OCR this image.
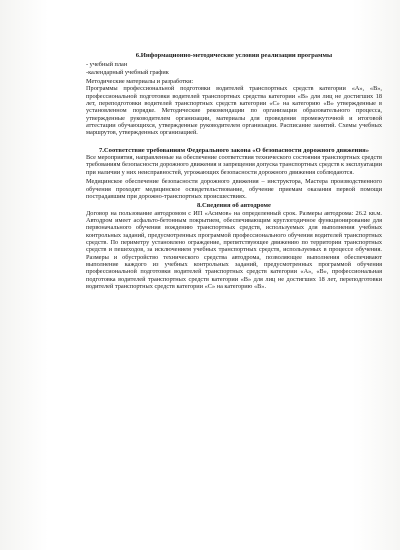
6.Информационно-методические условия реализации программы

- учебный план

-календарный учебный график

Методические материалы и разработки:

Программы профессиональной подготовки водителей транспортных средств категории «А», «В», профессиональной подготовки водителей транспортных средства категории «В» для лиц не достигших 18 лет, переподготовки водителей транспортных средств категории «С» на категорию «В» утвержденные в установленном порядке. Методические рекомендации по организации образовательного процесса, утвержденные руководителем организации, материалы для проведения промежуточной и итоговой аттестации обучающихся, утвержденные руководителем организации. Расписание занятий. Схемы учебных маршрутов, утвержденных организацией.

7.Соответствие требованиям Федерального закона «О безопасности дорожного движения»

Все мероприятия, направленные на обеспечение соответствия технического состояния транспортных средств требованиям безопасности дорожного движения и запрещения допуска транспортных средств к эксплуатации при наличии у них неисправностей, угрожающих безопасности дорожного движения соблюдаются.

Медицинское обеспечение безопасности дорожного движения – инструктора, Мастера производственного обучения проходят медицинское освидетельствование, обучение приемам оказания первой помощи пострадавшим при дорожно-транспортных происшествиях.

8.Сведения об автодроме

Договор на пользование автодромом с ИП «Асимов» на определенный срок. Размеры автодрома: 26.2 кв.м. Автодром имеет асфальто-бетонным покрытием, обеспечивающим круглогодичное функционирование для первоначального обучения вождению транспортных средств, используемых для выполнения учебных контрольных заданий, предусмотренных программой профессионального обучения водителей транспортных средств. По периметру установлено ограждение, препятствующее движению по территории транспортных средств и пешеходов, за исключением учебных транспортных средств, используемых в процессе обучения. Размеры и обустройство технического средства автодрома, позволяющее выполнения обеспечивают выполнение каждого из учебных контрольных заданий, предусмотренных программой обучения профессиональной подготовки водителей транспортных средств категории «А», «В», профессиональная подготовка водителей транспортных средств категории «В» для лиц не достигших 18 лет, переподготовки водителей транспортных средств категории «С» на категорию «В».
